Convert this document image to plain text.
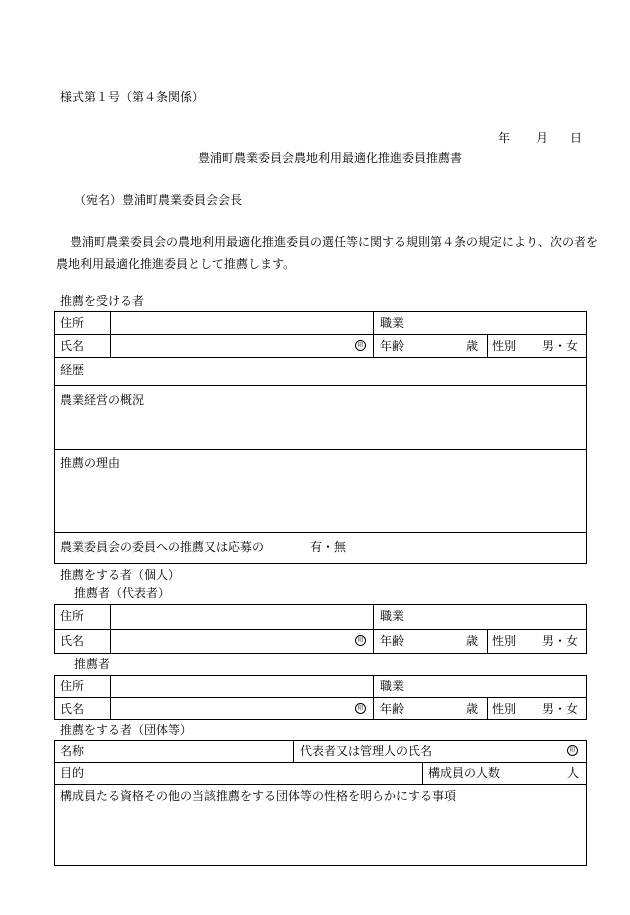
様式第１号（第４条関係）
年 月 日
豊浦町農業委員会農地利用最適化推進委員推薦書
（宛名）豊浦町農業委員会会長
豊浦町農業委員会の農地利用最適化推進委員の選任等に関する規則第４条の規定により、次の者を
農地利用最適化推進委員として推薦します。
推薦を受ける者
住所	職業
氏名	印 年齢	歳 性別 男・女
経歴
農業経営の概況
推薦の理由
農業委員会の委員への推薦又は応募の	有・無
推薦をする者（個人）
推薦者（代表者）
住所	職業
氏名	印 年齢	歳 性別 男・女
推薦者
住所	職業
氏名	印 年齢	歳 性別 男・女
推薦をする者（団体等）
名称	代表者又は管理人の氏名	印
目的	構成員の人数	人
構成員たる資格その他の当該推薦をする団体等の性格を明らかにする事項
